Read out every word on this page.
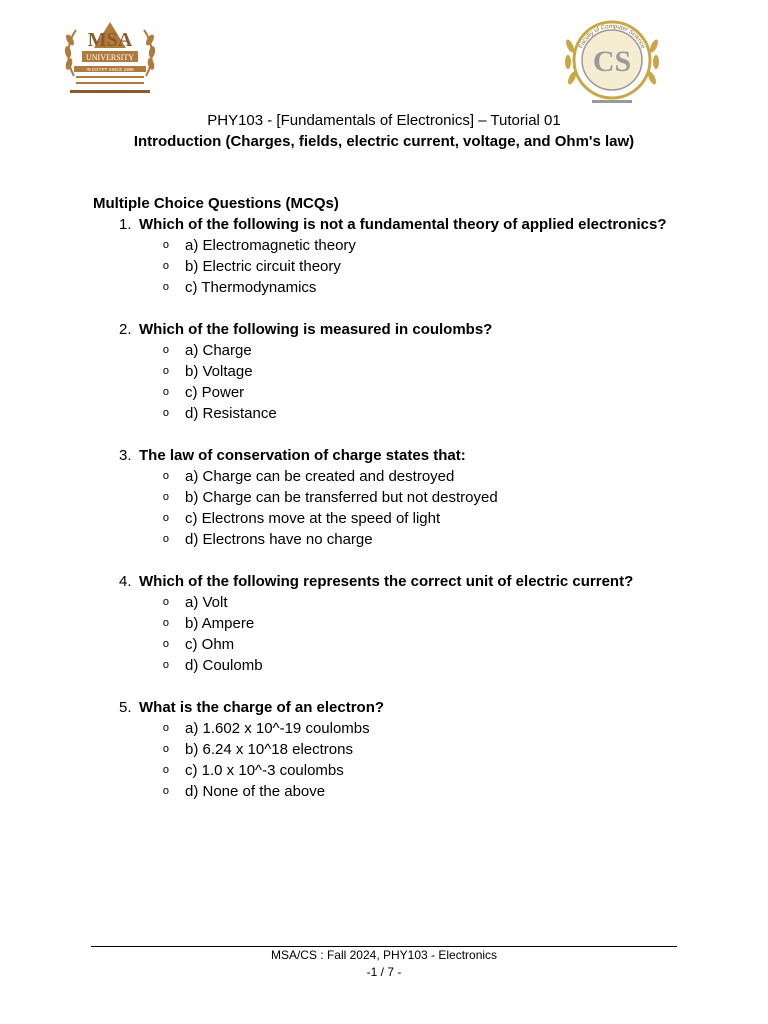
MSA
UNIVERSITY
IN EGYPT SINCE 1996	CS
Faculty of Computer Science
PHY103 - [Fundamentals of Electronics] – Tutorial 01
Introduction (Charges, fields, electric current, voltage, and Ohm's law)
Multiple Choice Questions (MCQs)
1. Which of the following is not a fundamental theory of applied electronics?
o	a) Electromagnetic theory
o	b) Electric circuit theory
o	c) Thermodynamics
2. Which of the following is measured in coulombs?
o	a) Charge
o	b) Voltage
o	c) Power
o	d) Resistance
3. The law of conservation of charge states that:
o	a) Charge can be created and destroyed
o	b) Charge can be transferred but not destroyed
o	c) Electrons move at the speed of light
o	d) Electrons have no charge
4. Which of the following represents the correct unit of electric current?
o	a) Volt
o	b) Ampere
o	c) Ohm
o	d) Coulomb
5. What is the charge of an electron?
o	a) 1.602 x 10^-19 coulombs
o	b) 6.24 x 10^18 electrons
o	c) 1.0 x 10^-3 coulombs
o	d) None of the above
MSA/CS : Fall 2024, PHY103 - Electronics
-1 / 7 -
